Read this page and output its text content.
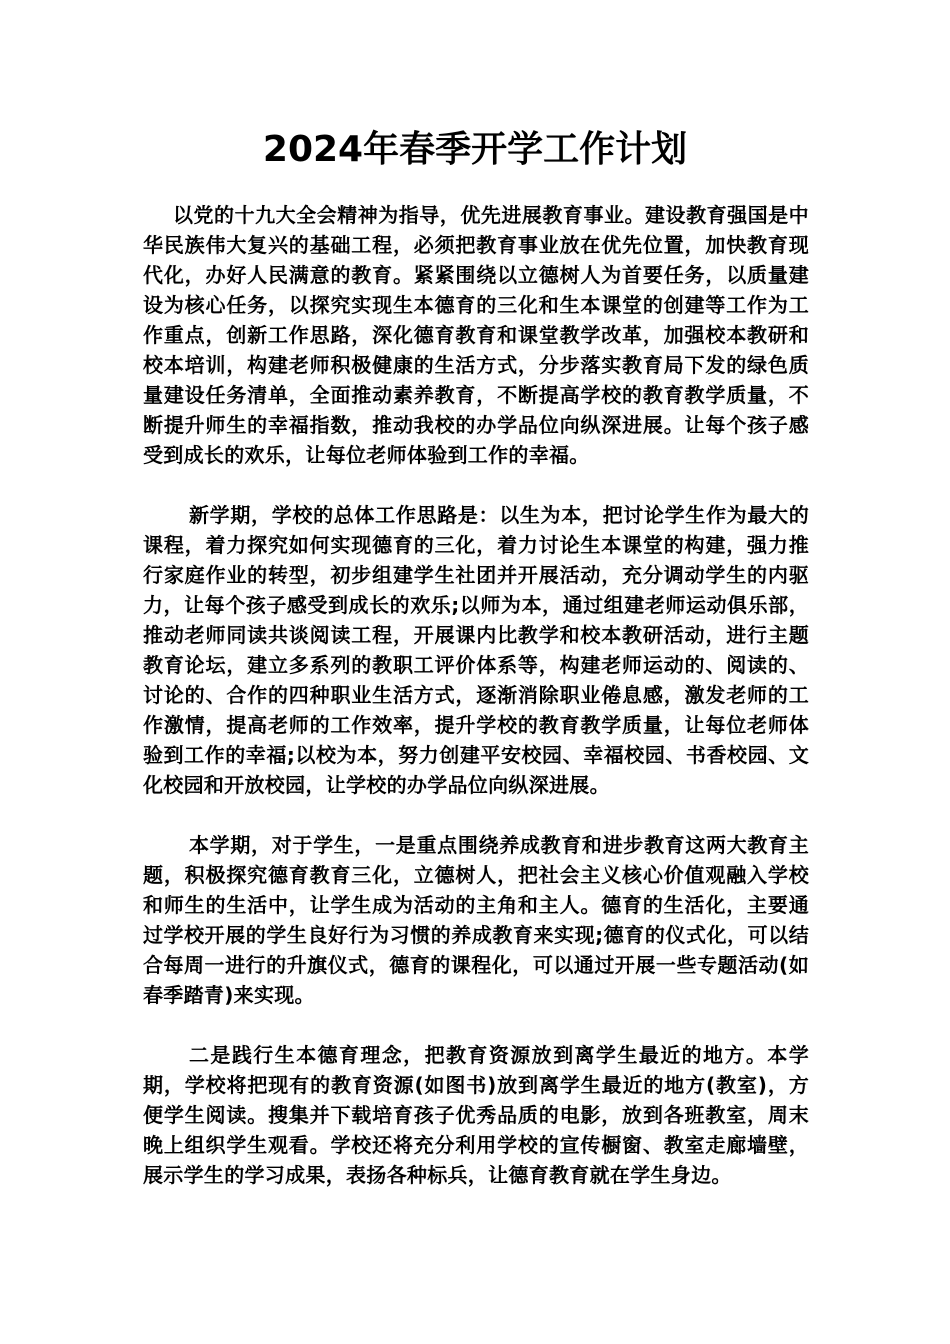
2024年春季开学工作计划

以党的十九大全会精神为指导，优先进展教育事业。建设教育强国是中华民族伟大复兴的基础工程，必须把教育事业放在优先位置，加快教育现代化，办好人民满意的教育。紧紧围绕以立德树人为首要任务，以质量建设为核心任务，以探究实现生本德育的三化和生本课堂的创建等工作为工作重点，创新工作思路，深化德育教育和课堂教学改革，加强校本教研和校本培训，构建老师积极健康的生活方式，分步落实教育局下发的绿色质量建设任务清单，全面推动素养教育，不断提高学校的教育教学质量，不断提升师生的幸福指数，推动我校的办学品位向纵深进展。让每个孩子感受到成长的欢乐，让每位老师体验到工作的幸福。

新学期，学校的总体工作思路是：以生为本，把讨论学生作为最大的课程，着力探究如何实现德育的三化，着力讨论生本课堂的构建，强力推行家庭作业的转型，初步组建学生社团并开展活动，充分调动学生的内驱力，让每个孩子感受到成长的欢乐;以师为本，通过组建老师运动俱乐部，推动老师同读共谈阅读工程，开展课内比教学和校本教研活动，进行主题教育论坛，建立多系列的教职工评价体系等，构建老师运动的、阅读的、讨论的、合作的四种职业生活方式，逐渐消除职业倦息感，激发老师的工作激情，提高老师的工作效率，提升学校的教育教学质量，让每位老师体验到工作的幸福;以校为本，努力创建平安校园、幸福校园、书香校园、文化校园和开放校园，让学校的办学品位向纵深进展。

本学期，对于学生，一是重点围绕养成教育和进步教育这两大教育主题，积极探究德育教育三化，立德树人，把社会主义核心价值观融入学校和师生的生活中，让学生成为活动的主角和主人。德育的生活化，主要通过学校开展的学生良好行为习惯的养成教育来实现;德育的仪式化，可以结合每周一进行的升旗仪式，德育的课程化，可以通过开展一些专题活动(如春季踏青)来实现。

二是践行生本德育理念，把教育资源放到离学生最近的地方。本学期，学校将把现有的教育资源(如图书)放到离学生最近的地方(教室)，方便学生阅读。搜集并下载培育孩子优秀品质的电影，放到各班教室，周末晚上组织学生观看。学校还将充分利用学校的宣传橱窗、教室走廊墙壁，展示学生的学习成果，表扬各种标兵，让德育教育就在学生身边。
